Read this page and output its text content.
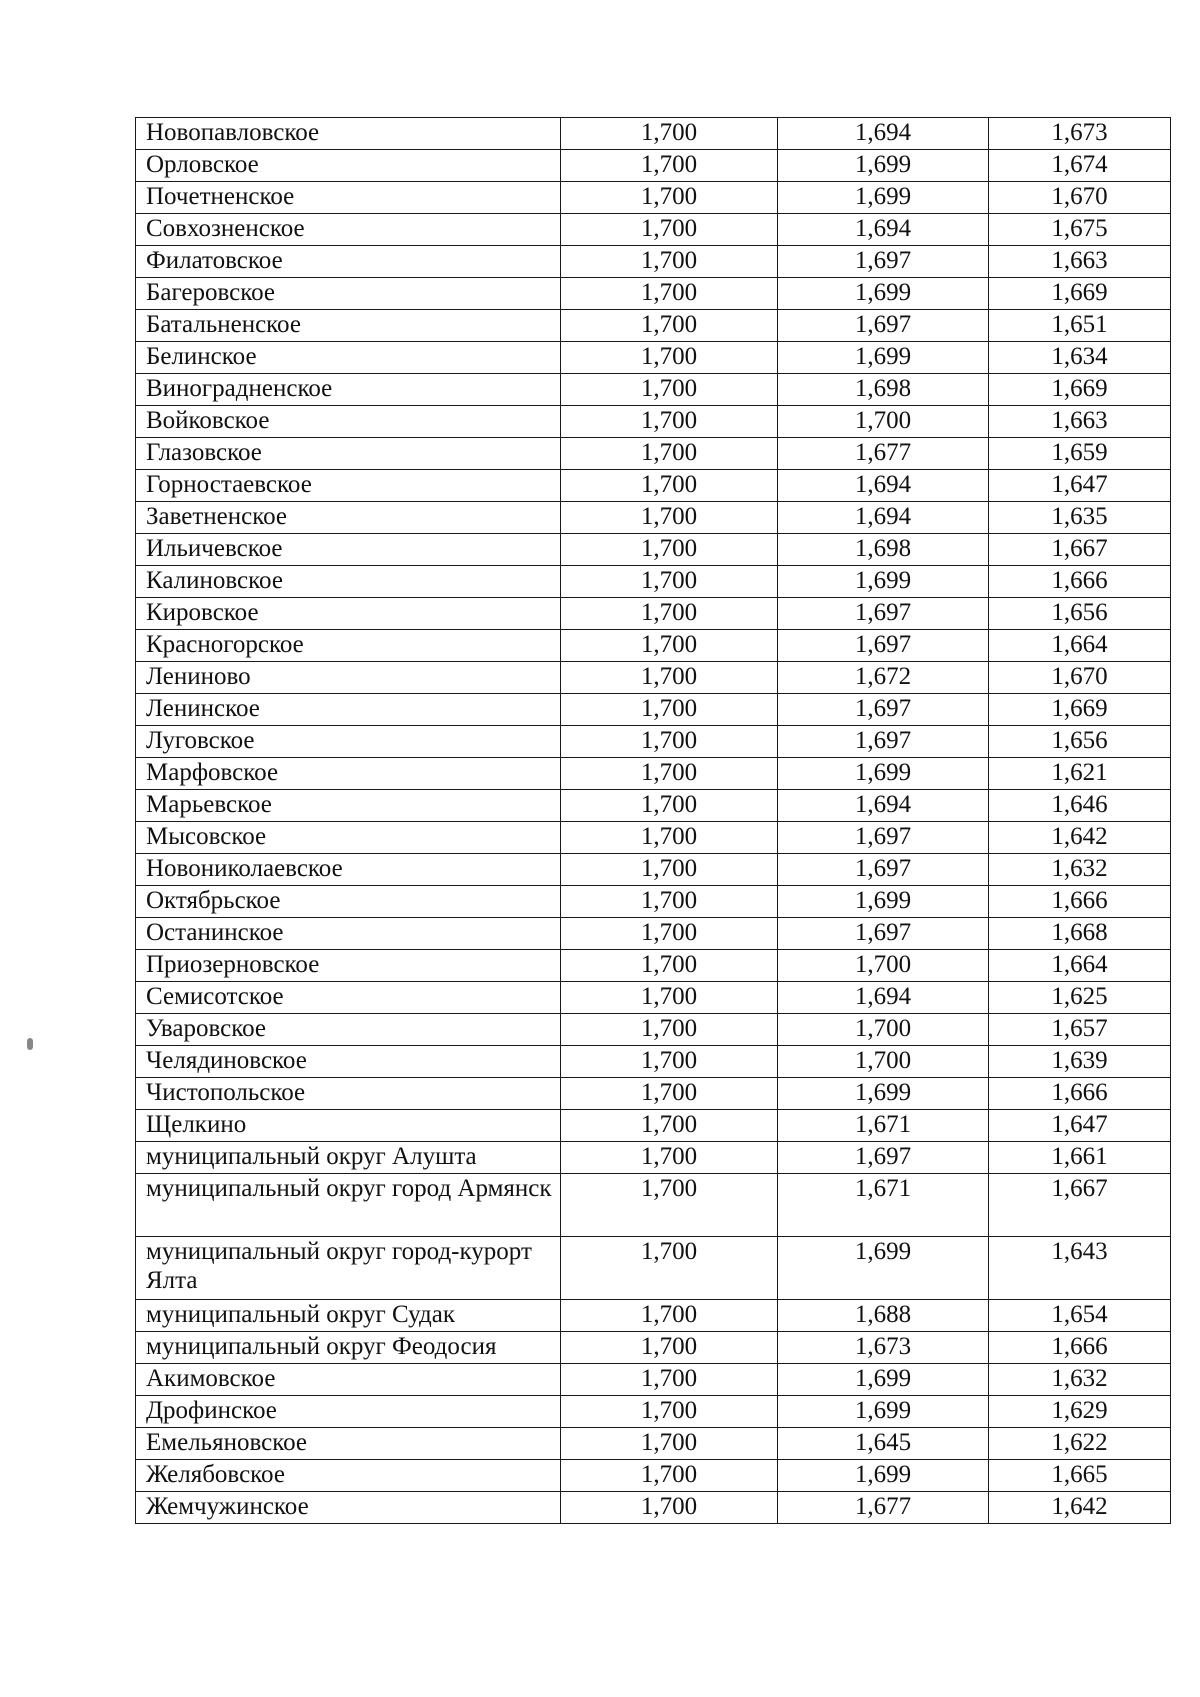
Новопавловское	1,700	1,694	1,673
Орловское	1,700	1,699	1,674
Почетненское	1,700	1,699	1,670
Совхозненское	1,700	1,694	1,675
Филатовское	1,700	1,697	1,663
Багеровское	1,700	1,699	1,669
Батальненское	1,700	1,697	1,651
Белинское	1,700	1,699	1,634
Виноградненское	1,700	1,698	1,669
Войковское	1,700	1,700	1,663
Глазовское	1,700	1,677	1,659
Горностаевское	1,700	1,694	1,647
Заветненское	1,700	1,694	1,635
Ильичевское	1,700	1,698	1,667
Калиновское	1,700	1,699	1,666
Кировское	1,700	1,697	1,656
Красногорское	1,700	1,697	1,664
Лениново	1,700	1,672	1,670
Ленинское	1,700	1,697	1,669
Луговское	1,700	1,697	1,656
Марфовское	1,700	1,699	1,621
Марьевское	1,700	1,694	1,646
Мысовское	1,700	1,697	1,642
Новониколаевское	1,700	1,697	1,632
Октябрьское	1,700	1,699	1,666
Останинское	1,700	1,697	1,668
Приозерновское	1,700	1,700	1,664
Семисотское	1,700	1,694	1,625
Уваровское	1,700	1,700	1,657
Челядиновское	1,700	1,700	1,639
Чистопольское	1,700	1,699	1,666
Щелкино	1,700	1,671	1,647
муниципальный округ Алушта	1,700	1,697	1,661
муниципальный округ город Армянск	1,700	1,671	1,667
муниципальный округ город-курорт Ялта	1,700	1,699	1,643
муниципальный округ Судак	1,700	1,688	1,654
муниципальный округ Феодосия	1,700	1,673	1,666
Акимовское	1,700	1,699	1,632
Дрофинское	1,700	1,699	1,629
Емельяновское	1,700	1,645	1,622
Желябовское	1,700	1,699	1,665
Жемчужинское	1,700	1,677	1,642
